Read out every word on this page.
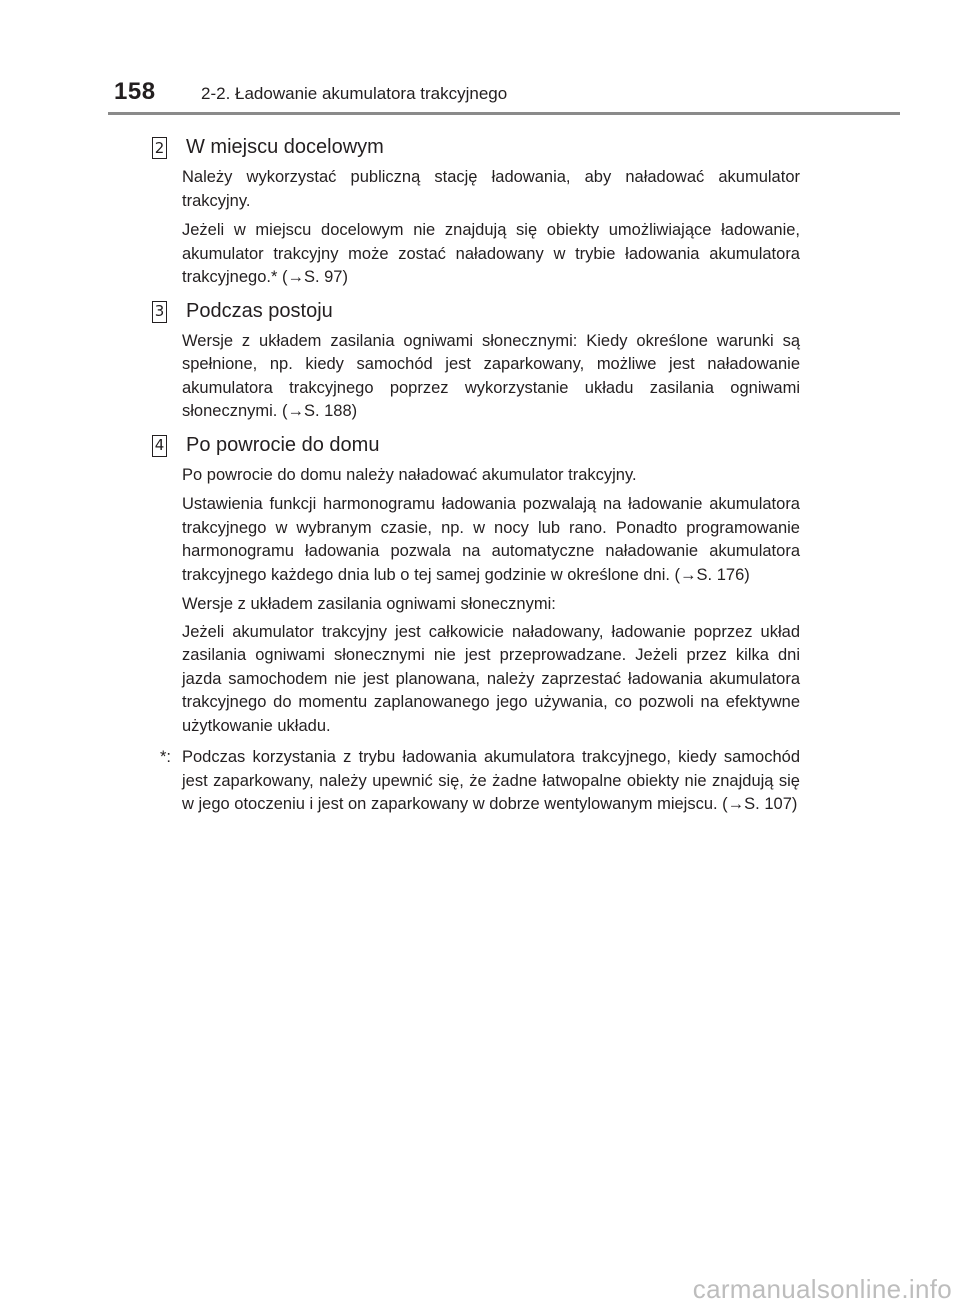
158	2-2. Ładowanie akumulatora trakcyjnego
2 W miejscu docelowym

Należy wykorzystać publiczną stację ładowania, aby naładować akumulator trakcyjny.

Jeżeli w miejscu docelowym nie znajdują się obiekty umożliwiające ładowanie, akumulator trakcyjny może zostać naładowany w trybie ładowania akumulatora trakcyjnego.* (→S. 97)

3 Podczas postoju

Wersje z układem zasilania ogniwami słonecznymi: Kiedy określone warunki są spełnione, np. kiedy samochód jest zaparkowany, możliwe jest naładowanie akumulatora trakcyjnego poprzez wykorzystanie układu zasilania ogniwami słonecznymi. (→S. 188)

4 Po powrocie do domu

Po powrocie do domu należy naładować akumulator trakcyjny.

Ustawienia funkcji harmonogramu ładowania pozwalają na ładowanie akumulatora trakcyjnego w wybranym czasie, np. w nocy lub rano. Ponadto programowanie harmonogramu ładowania pozwala na automatyczne naładowanie akumulatora trakcyjnego każdego dnia lub o tej samej godzinie w określone dni. (→S. 176)

Wersje z układem zasilania ogniwami słonecznymi:

Jeżeli akumulator trakcyjny jest całkowicie naładowany, ładowanie poprzez układ zasilania ogniwami słonecznymi nie jest przeprowadzane. Jeżeli przez kilka dni jazda samochodem nie jest planowana, należy zaprzestać ładowania akumulatora trakcyjnego do momentu zaplanowanego jego używania, co pozwoli na efektywne użytkowanie układu.

*: Podczas korzystania z trybu ładowania akumulatora trakcyjnego, kiedy samochód jest zaparkowany, należy upewnić się, że żadne łatwopalne obiekty nie znajdują się w jego otoczeniu i jest on zaparkowany w dobrze wentylowanym miejscu. (→S. 107)
carmanualsonline.info
